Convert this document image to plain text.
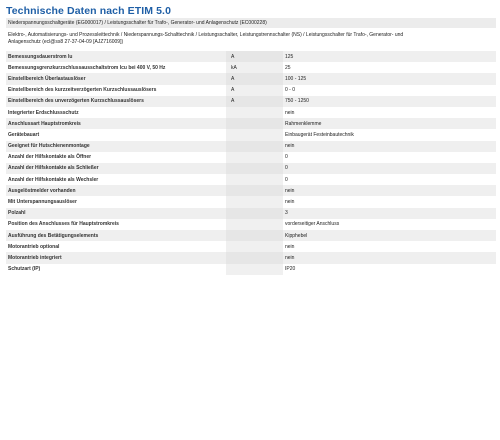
Technische Daten nach ETIM 5.0
Niederspannungsschaltgeräte (EG000017) / Leistungsschalter für Trafo-, Generator- und Anlagenschutz (EC000228)
Elektro-, Automatisierungs- und Prozessleittechnik / Niederspannungs-Schalttechnik / Leistungsschalter, Leistungstrennschalter (NS) / Leistungsschalter für Trafo-, Generator- und
Anlagenschutz (ecl@ss8 27-37-04-09 [AJZ716009])
Bemessungsdauerstrom Iu	A	125
Bemessungsgrenzkurzschlussausschaltstrom Icu bei 400 V, 50 Hz	kA	25
Einstellbereich Überlastauslöser	A	100 - 125
Einstellbereich des kurzzeitverzögerten Kurzschlussauslösers	A	0 - 0
Einstellbereich des unverzögerten Kurzschlussauslösers	A	750 - 1250
Integrierter Erdschlussschutz		nein
Anschlussart Hauptstromkreis		Rahmenklemme
Gerätebauart		Einbaugerät Festeinbautechnik
Geeignet für Hutschienenmontage		nein
Anzahl der Hilfskontakte als Öffner		0
Anzahl der Hilfskontakte als Schließer		0
Anzahl der Hilfskontakte als Wechsler		0
Ausgelöstmelder vorhanden		nein
Mit Unterspannungsauslöser		nein
Polzahl		3
Position des Anschlusses für Hauptstromkreis		vorderseitiger Anschluss
Ausführung des Betätigungselements		Kipphebel
Motorantrieb optional		nein
Motorantrieb integriert		nein
Schutzart (IP)		IP20
